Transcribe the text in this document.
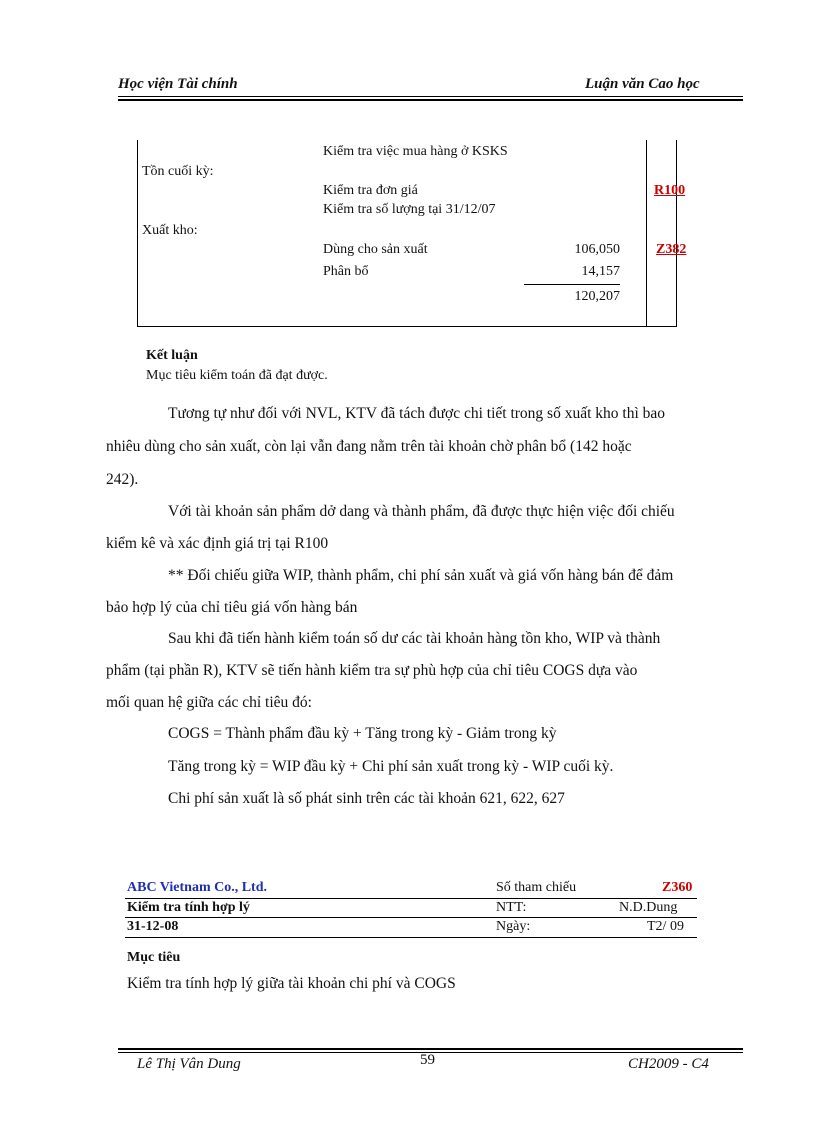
Học viện Tài chính	Luận văn Cao học
Kiểm tra việc mua hàng ở KSKS
Tồn cuối kỳ:
Kiểm tra đơn giá	R100
Kiểm tra số lượng tại 31/12/07
Xuất kho:
Dùng cho sản xuất	106,050	Z382
Phân bổ	14,157
120,207
Kết luận
Mục tiêu kiểm toán đã đạt được.
Tương tự như đối với NVL, KTV đã tách được chi tiết trong số xuất kho thì bao
nhiêu dùng cho sản xuất, còn lại vẫn đang nằm trên tài khoản chờ phân bổ (142 hoặc
242).
Với tài khoản sản phẩm dở dang và thành phẩm, đã được thực hiện việc đối chiếu
kiểm kê và xác định giá trị tại R100
** Đối chiếu giữa WIP, thành phẩm, chi phí sản xuất và giá vốn hàng bán để đảm
bảo hợp lý của chỉ tiêu giá vốn hàng bán
Sau khi đã tiến hành kiểm toán số dư các tài khoản hàng tồn kho, WIP và thành
phẩm (tại phần R), KTV sẽ tiến hành kiểm tra sự phù hợp của chỉ tiêu COGS dựa vào
mối quan hệ giữa các chỉ tiêu đó:
COGS = Thành phẩm đầu kỳ + Tăng trong kỳ - Giảm trong kỳ
Tăng trong kỳ = WIP đầu kỳ + Chi phí sản xuất trong kỳ - WIP cuối kỳ.
Chi phí sản xuất là số phát sinh trên các tài khoản 621, 622, 627
ABC Vietnam Co., Ltd.	Số tham chiếu	Z360
Kiểm tra tính hợp lý	NTT:	N.D.Dung
31-12-08	Ngày:	T2/ 09
Mục tiêu
Kiểm tra tính hợp lý giữa tài khoản chi phí và COGS
Lê Thị Vân Dung	59	CH2009 - C4
